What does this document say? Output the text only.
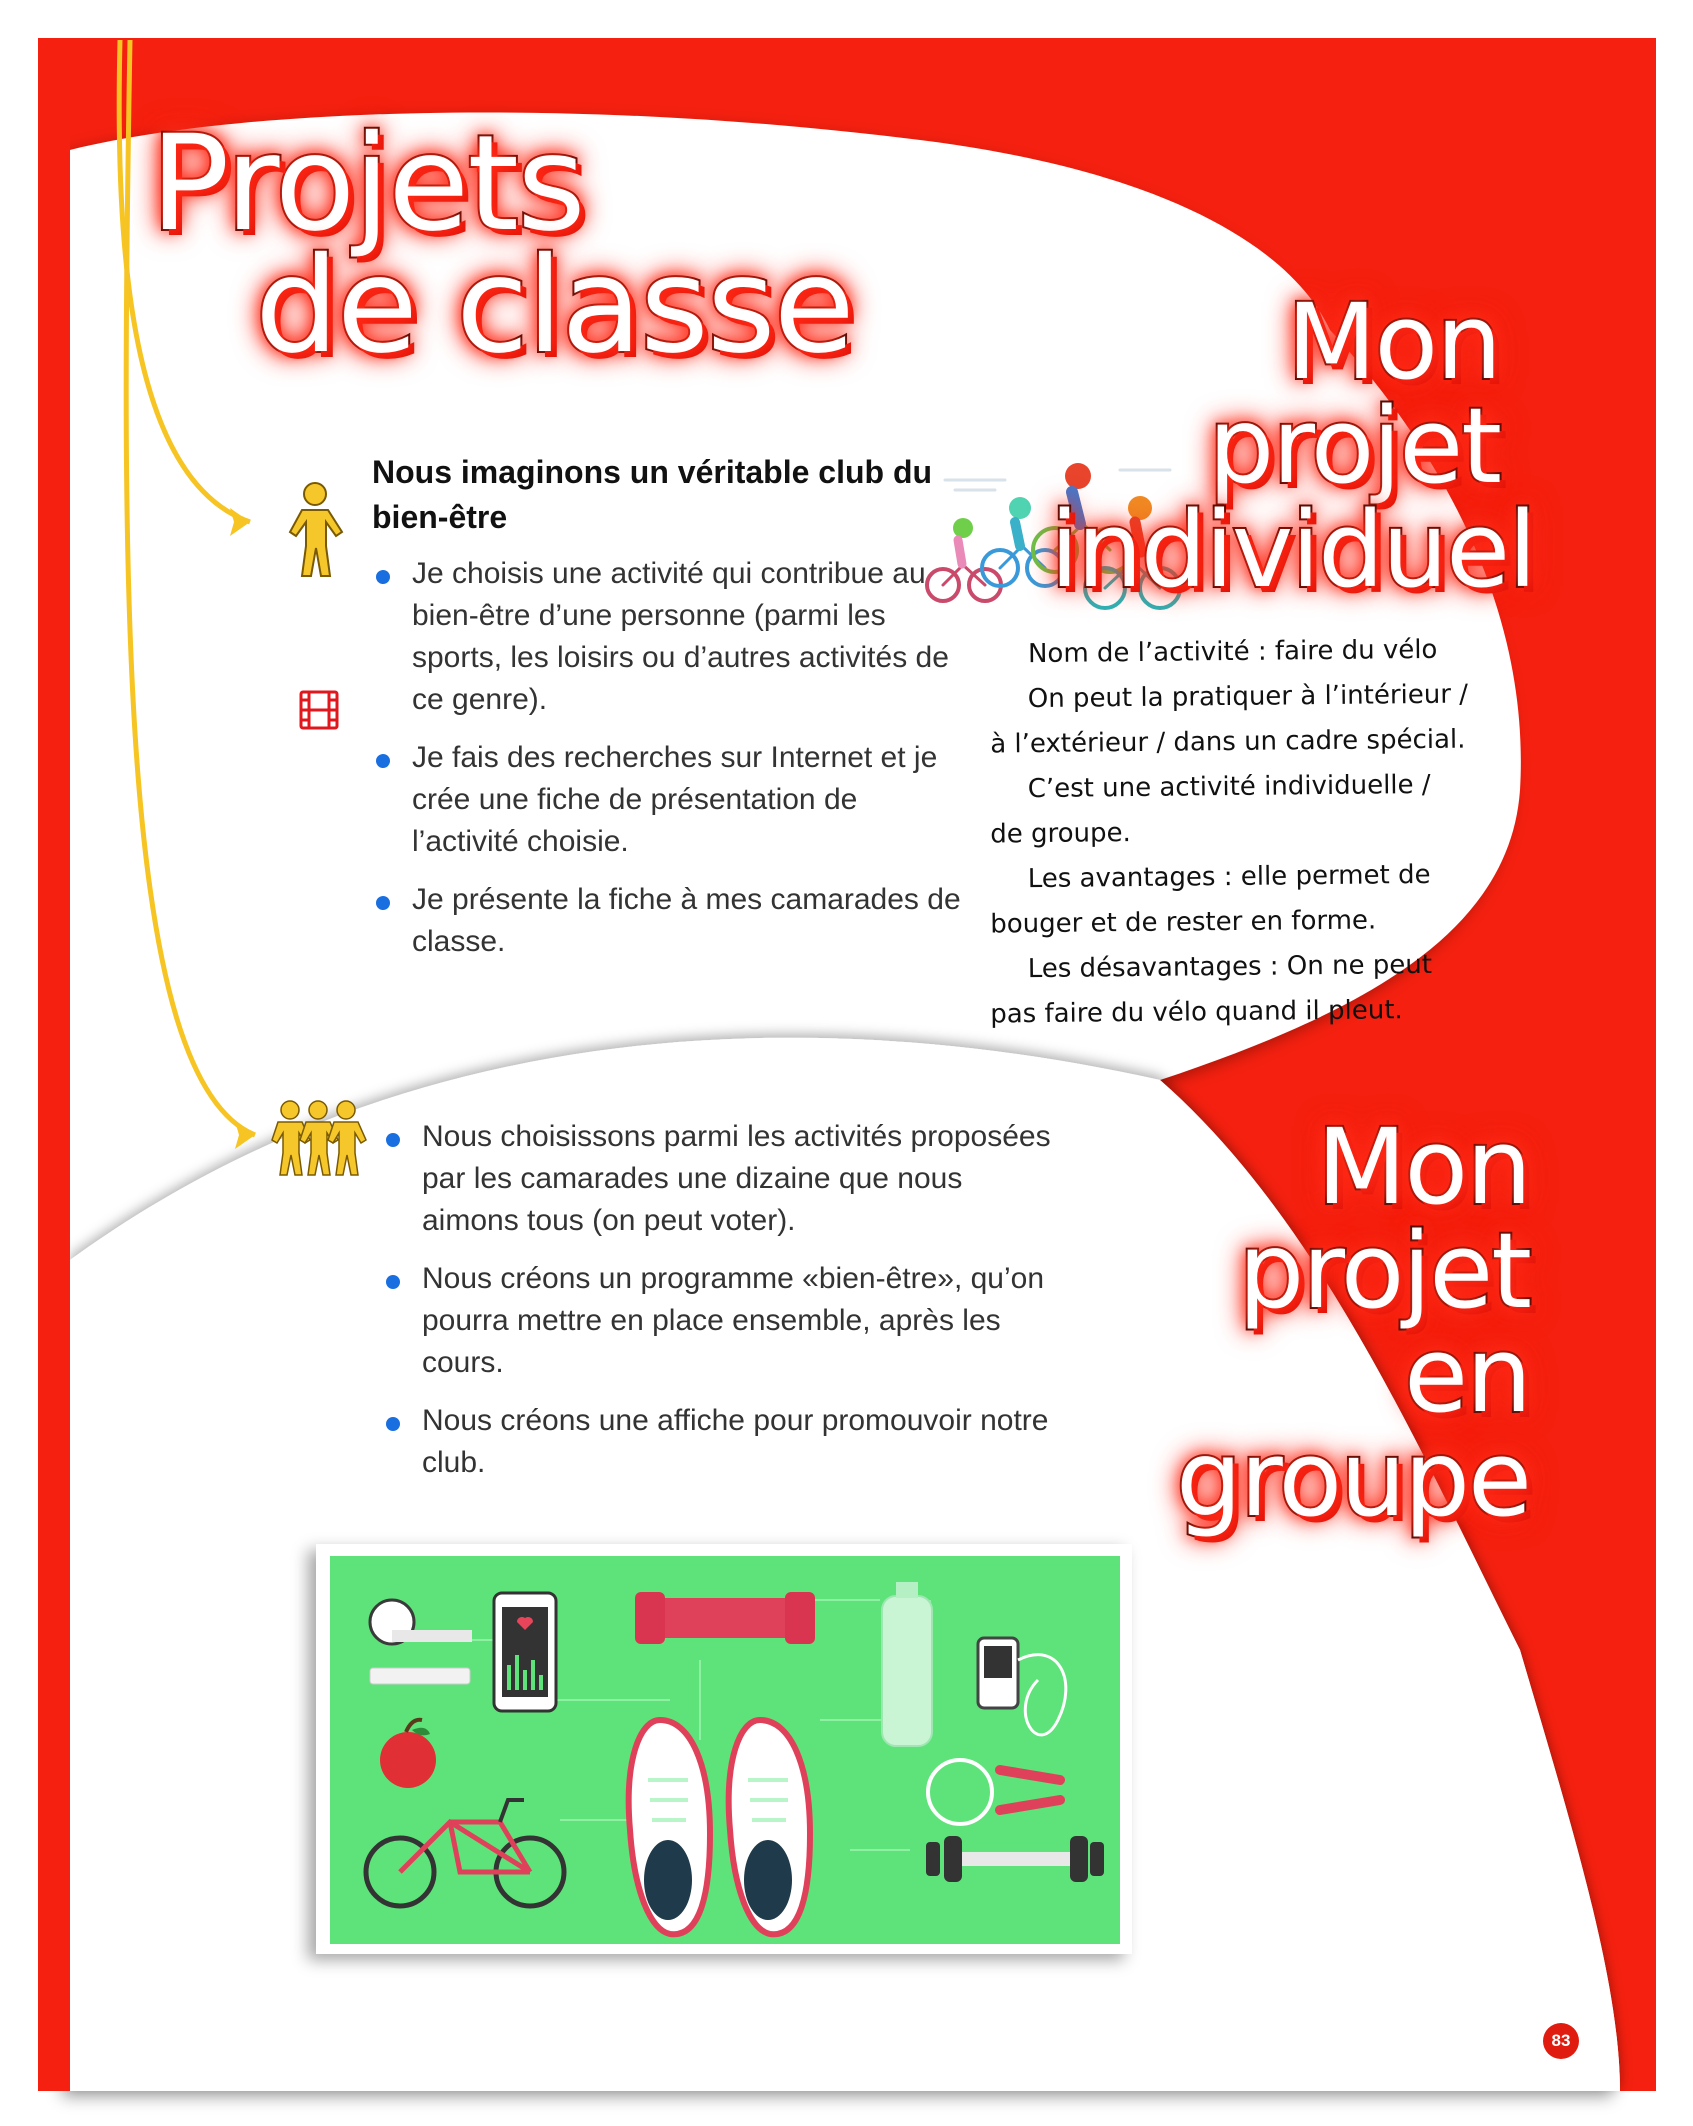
Projets
de classe	Mon projet
individuel
Mon projet
en groupe
Nous imaginons un véritable club du bien-être
Je choisis une activité qui contribue au bien-être d’une personne (parmi les sports, les loisirs ou d’autres activités de ce genre).
Je fais des recherches sur Internet et je crée une fiche de présentation de l’activité choisie.
Je présente la fiche à mes camarades de classe.

Nom de l’activité : faire du vélo

On peut la pratiquer à l’intérieur / à l’extérieur / dans un cadre spécial.

C’est une activité individuelle / de groupe.

Les avantages : elle permet de bouger et de rester en forme.

Les désavantages : On ne peut pas faire du vélo quand il pleut.

Nous choisissons parmi les activités proposées par les camarades une dizaine que nous aimons tous (on peut voter).
Nous créons un programme «bien-être», qu’on pourra mettre en place ensemble, après les cours.
Nous créons une affiche pour promouvoir notre club.
83
